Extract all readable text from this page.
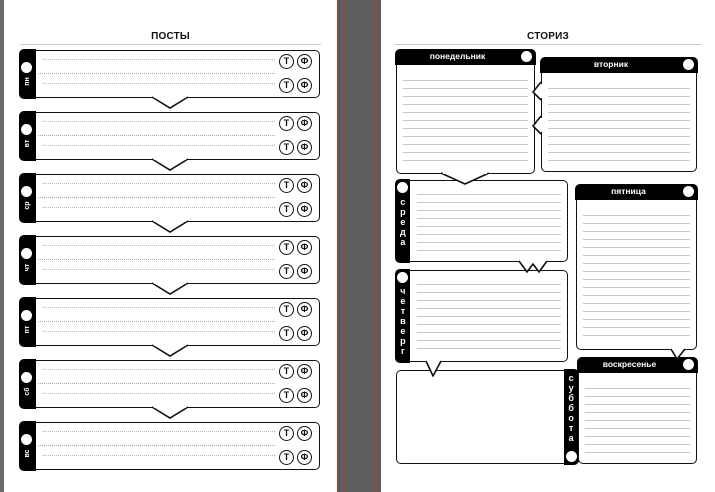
ПОСТЫ
пн
Т	Ф
Т	Ф
вт
Т	Ф
Т	Ф
ср
Т	Ф
Т	Ф
чт
Т	Ф
Т	Ф
пт
Т	Ф
Т	Ф
сб
Т	Ф
Т	Ф
вс
Т	Ф
Т	Ф
СТОРИЗ
понедельник
вторник
с
р
е
д
а
пятница
ч
е
т
в
е
р
г
с
у
б
б
о
т
а
воскресенье
